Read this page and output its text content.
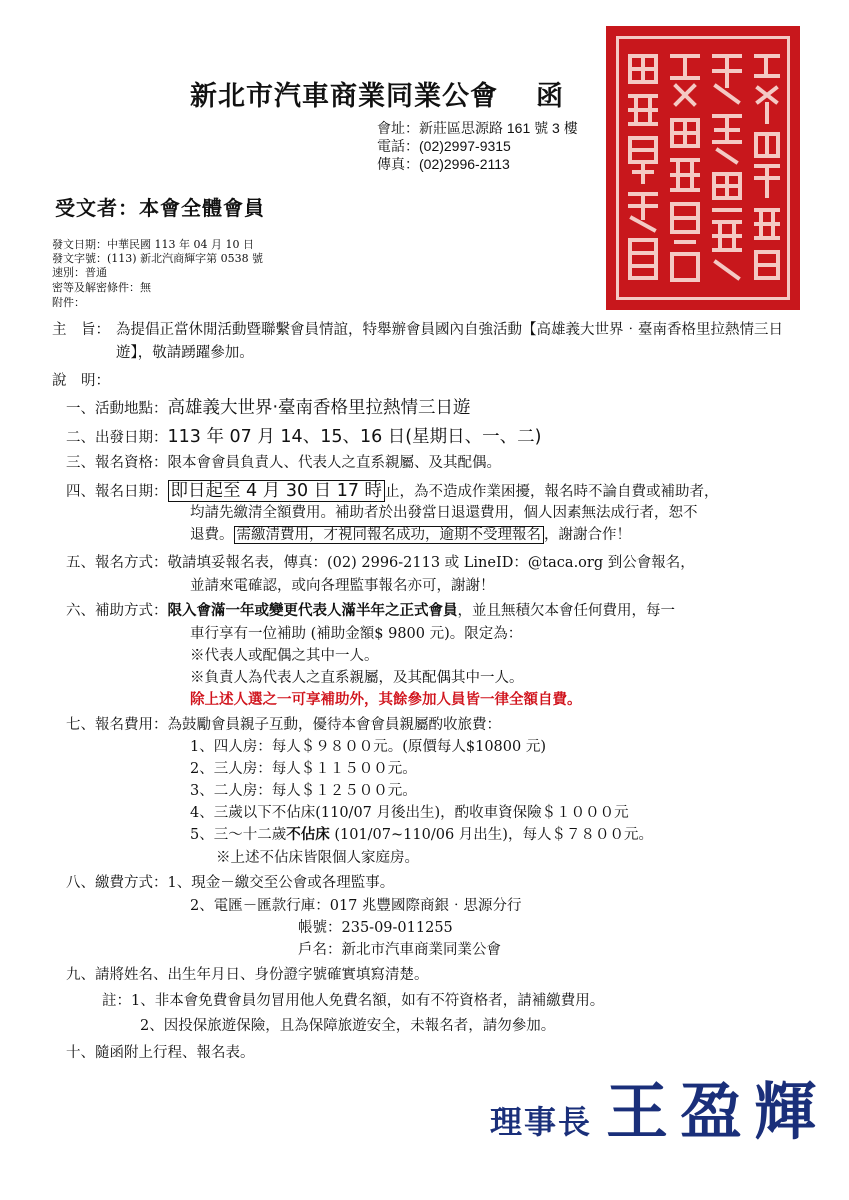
新北市汽車商業同業公會 函
會址：新莊區思源路 161 號 3 樓
電話：(02)2997-9315
傳真：(02)2996-2113
受文者：本會全體會員
發文日期：中華民國 113 年 04 月 10 日
發文字號：(113) 新北汽商輝字第 0538 號
速別：普通
密等及解密條件：無
附件：
主　旨： 為提倡正當休閒活動暨聯繫會員情誼，特舉辦會員國內自強活動【高雄義大世界‧臺南香格里拉熱情三日遊】，敬請踴躍參加。
說　明：
一、活動地點：高雄義大世界‧臺南香格里拉熱情三日遊
二、出發日期：113 年 07 月 14、15、16 日(星期日、一、二)
三、報名資格：限本會會員負責人、代表人之直系親屬、及其配偶。
四、報名日期： 即日起至 4 月 30 日 17 時 止，為不造成作業困擾，報名時不論自費或補助者，
均請先繳清全額費用。補助者於出發當日退還費用，個人因素無法成行者，恕不
退費。 需繳清費用，才視同報名成功，逾期不受理報名 ，謝謝合作！
五、報名方式：敬請填妥報名表，傳真：(02) 2996-2113 或 LineID：@taca.org 到公會報名，
並請來電確認，或向各理監事報名亦可，謝謝！
六、補助方式：限入會滿一年或變更代表人滿半年之正式會員，並且無積欠本會任何費用，每一
車行享有一位補助 (補助金額$ 9800 元)。限定為：
※代表人或配偶之其中一人。
※負責人為代表人之直系親屬，及其配偶其中一人。
除上述人選之一可享補助外，其餘參加人員皆一律全額自費。
七、報名費用：為鼓勵會員親子互動，優待本會會員親屬酌收旅費：
1、四人房：每人＄９８００元。(原價每人$10800 元)
2、三人房：每人＄１１５００元。
3、二人房：每人＄１２５００元。
4、三歲以下不佔床(110/07 月後出生)，酌收車資保險＄１０００元
5、三～十二歲不佔床 (101/07~110/06 月出生)，每人＄７８００元。
※上述不佔床皆限個人家庭房。
八、繳費方式：1、現金－繳交至公會或各理監事。
2、電匯－匯款行庫：017 兆豐國際商銀‧思源分行
帳號：235-09-011255
戶名：新北市汽車商業同業公會
九、請將姓名、出生年月日、身份證字號確實填寫清楚。
註：1、非本會免費會員勿冒用他人免費名額，如有不符資格者，請補繳費用。
2、因投保旅遊保險，且為保障旅遊安全，未報名者，請勿參加。
十、隨函附上行程、報名表。
理事長 王盈輝
